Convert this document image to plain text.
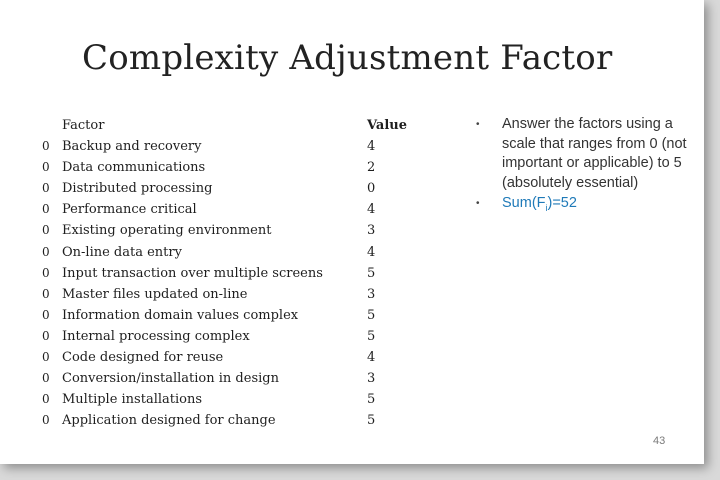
Complexity Adjustment Factor
Factor	Value
0 Backup and recovery	4
0 Data communications	2
0 Distributed processing	0
0 Performance critical	4
0 Existing operating environment	3
0 On-line data entry	4
0 Input transaction over multiple screens	5
0 Master files updated on-line	3
0 Information domain values complex	5
0 Internal processing complex	5
0 Code designed for reuse	4
0 Conversion/installation in design	3
0 Multiple installations	5
0 Application designed for change	5
• Answer the factors using a scale that ranges from 0 (not important or applicable) to 5 (absolutely essential)
• $Sum(F_i)=52$
43
